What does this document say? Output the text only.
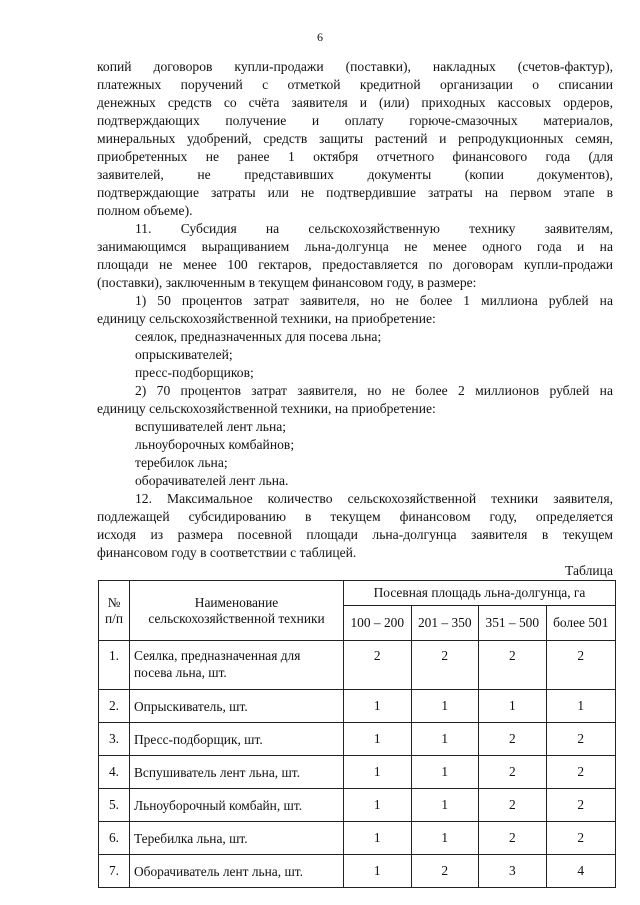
6

копий договоров купли-продажи (поставки), накладных (счетов-фактур),

платежных поручений с отметкой кредитной организации о списании

денежных средств со счёта заявителя и (или) приходных кассовых ордеров,

подтверждающих получение и оплату горюче-смазочных материалов,

минеральных удобрений, средств защиты растений и репродукционных семян,

приобретенных не ранее 1 октября отчетного финансового года (для

заявителей, не представивших документы (копии документов),

подтверждающие затраты или не подтвердившие затраты на первом этапе в

полном объеме).

11. Субсидия на сельскохозяйственную технику заявителям,

занимающимся выращиванием льна-долгунца не менее одного года и на

площади не менее 100 гектаров, предоставляется по договорам купли-продажи

(поставки), заключенным в текущем финансовом году, в размере:

1) 50 процентов затрат заявителя, но не более 1 миллиона рублей на

единицу сельскохозяйственной техники, на приобретение:

сеялок, предназначенных для посева льна;

опрыскивателей;

пресс-подборщиков;

2) 70 процентов затрат заявителя, но не более 2 миллионов рублей на

единицу сельскохозяйственной техники, на приобретение:

вспушивателей лент льна;

льноуборочных комбайнов;

теребилок льна;

оборачивателей лент льна.

12. Максимальное количество сельскохозяйственной техники заявителя,

подлежащей субсидированию в текущем финансовом году, определяется

исходя из размера посевной площади льна-долгунца заявителя в текущем

финансовом году в соответствии с таблицей.

Таблица

№ п/п	Наименование сельскохозяйственной техники	Посевная площадь льна-долгунца, га			
		100 – 200	201 – 350	351 – 500	более 501
1.	Сеялка, предназначенная для посева льна, шт.	2	2	2	2
2.	Опрыскиватель, шт.	1	1	1	1
3.	Пресс-подборщик, шт.	1	1	2	2
4.	Вспушиватель лент льна, шт.	1	1	2	2
5.	Льноуборочный комбайн, шт.	1	1	2	2
6.	Теребилка льна, шт.	1	1	2	2
7.	Оборачиватель лент льна, шт.	1	2	3	4
